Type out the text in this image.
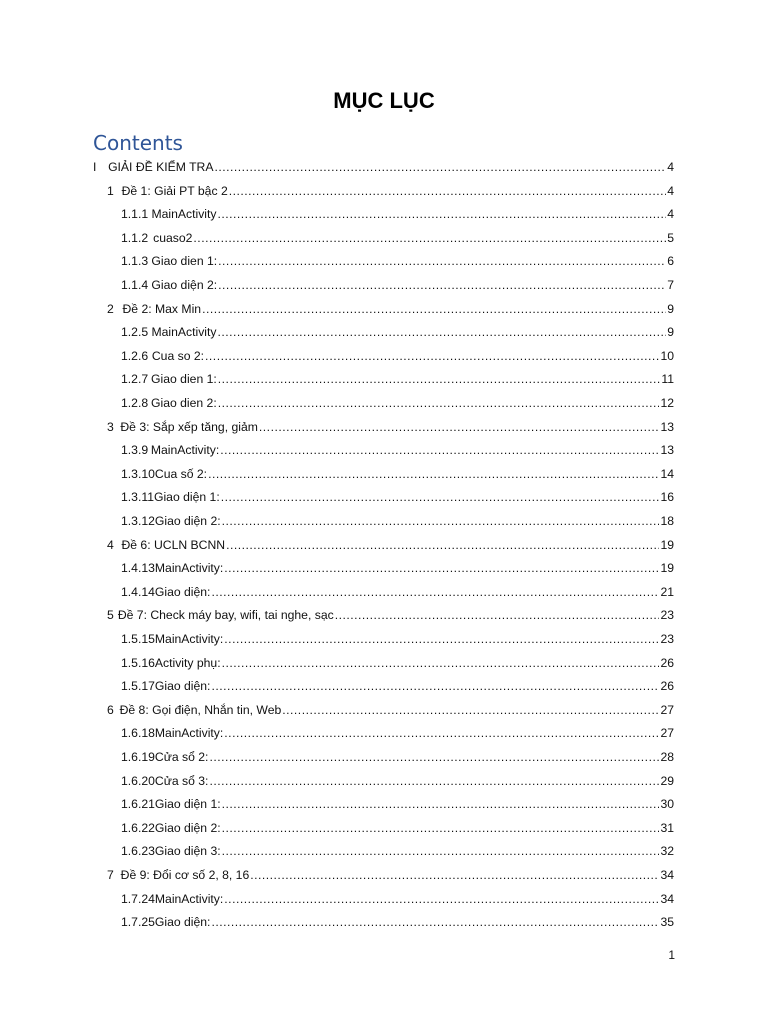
MỤC LỤC
Contents
I GIẢI ĐỀ KIỂM TRA .....	4
1 Đề 1: Giải PT bậc 2 .....	4
1.1.1 MainActivity .....	4
1.1.2 cuaso2 .....	5
1.1.3 Giao dien 1: .....	6
1.1.4 Giao diện 2: .....	7
2 Đề 2: Max Min .....	9
1.2.5 MainActivity .....	9
1.2.6 Cua so 2: .....	10
1.2.7 Giao dien 1: .....	11
1.2.8 Giao dien 2: .....	12
3 Đề 3: Sắp xếp tăng, giảm .....	13
1.3.9 MainActivity: .....	13
1.3.10 Cua số 2: .....	14
1.3.11 Giao diện 1: .....	16
1.3.12 Giao diện 2: .....	18
4 Đề 6: UCLN BCNN .....	19
1.4.13 MainActivity: .....	19
1.4.14 Giao diện: .....	21
5 Đề 7: Check máy bay, wifi, tai nghe, sạc .....	23
1.5.15 MainActivity: .....	23
1.5.16 Activity phụ: .....	26
1.5.17 Giao diện: .....	26
6 Đề 8: Gọi điện, Nhắn tin, Web .....	27
1.6.18 MainActivity: .....	27
1.6.19 Cửa sổ 2: .....	28
1.6.20 Cửa sổ 3: .....	29
1.6.21 Giao diện 1: .....	30
1.6.22 Giao diện 2: .....	31
1.6.23 Giao diện 3: .....	32
7 Đề 9: Đổi cơ số 2, 8, 16 .....	34
1.7.24 MainActivity: .....	34
1.7.25 Giao diện: .....	35
1
